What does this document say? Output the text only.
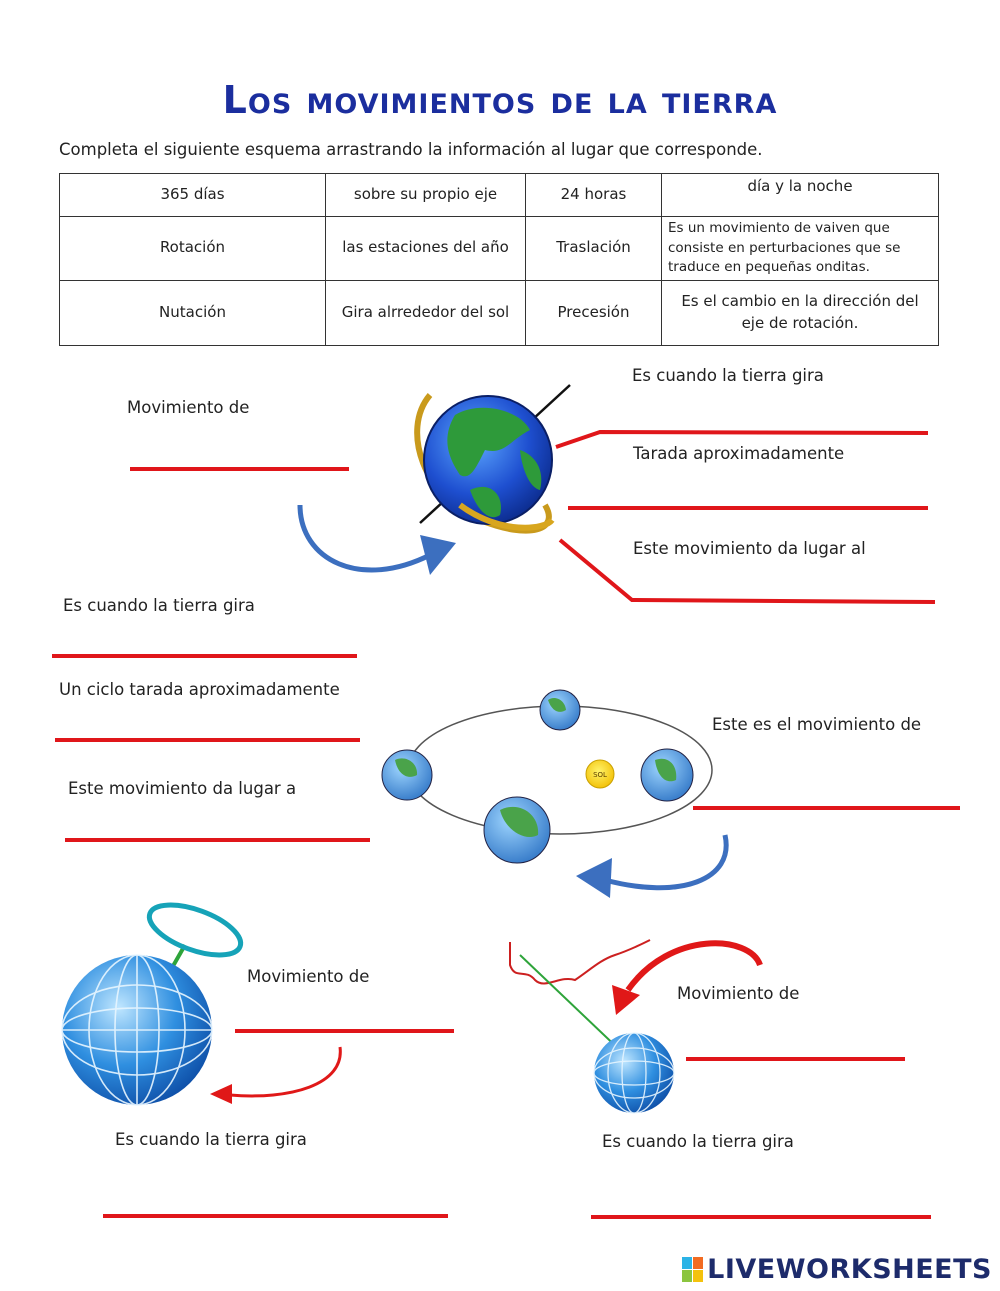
Los movimientos de la tierra
Completa el siguiente esquema arrastrando la información al lugar que corresponde.
365 días	sobre su propio eje	24 horas	día y la noche
Rotación	las estaciones del año	Traslación	Es un movimiento de vaiven que consiste en perturbaciones que se traduce en pequeñas onditas.
Nutación	Gira alrrededor del sol	Precesión	Es el cambio en la dirección del eje de rotación.
SOL
Movimiento de
Es cuando la tierra gira
Tarada aproximadamente
Este movimiento da lugar al
Es cuando la tierra gira
Un ciclo tarada aproximadamente
Este movimiento da lugar a
Este es el movimiento de
Movimiento de
Es cuando la tierra gira
Movimiento de
Es cuando la tierra gira
LIVEWORKSHEETS
